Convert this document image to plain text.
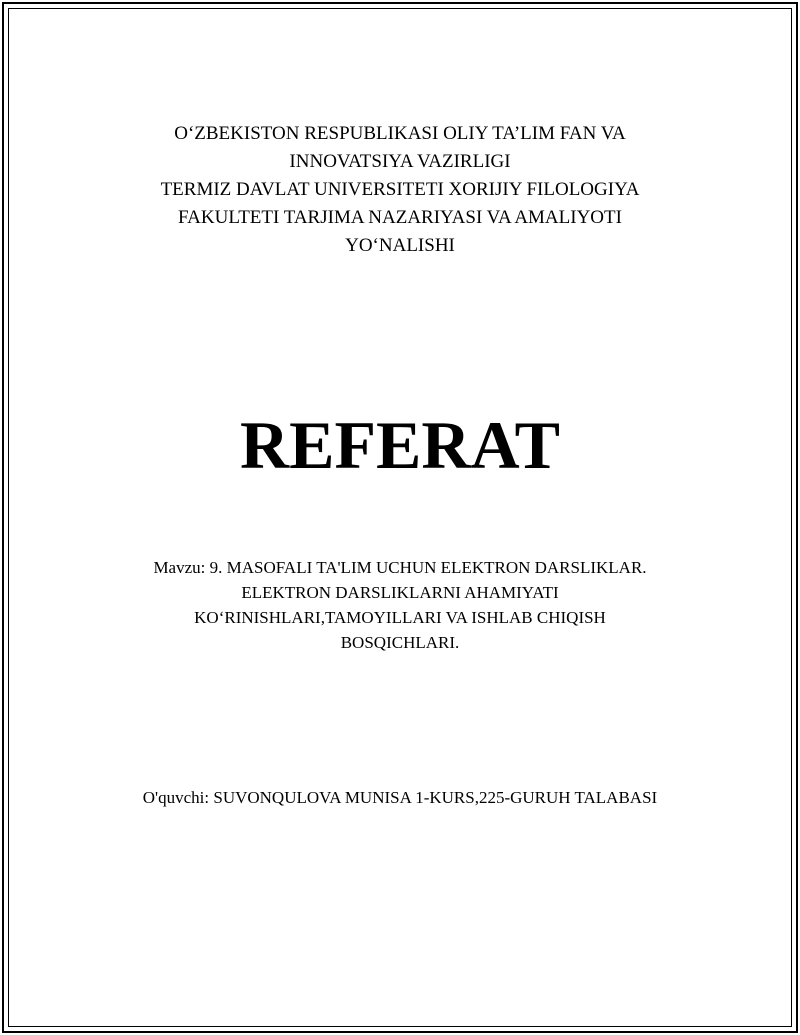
O‘ZBEKISTON RESPUBLIKASI OLIY TA’LIM FAN VA
INNOVATSIYA VAZIRLIGI
TERMIZ DAVLAT UNIVERSITETI XORIJIY FILOLOGIYA
FAKULTETI TARJIMA NAZARIYASI VA AMALIYOTI
YO‘NALISHI
REFERAT
Mavzu: 9. MASOFALI TA'LIM UCHUN ELEKTRON DARSLIKLAR.
ELEKTRON DARSLIKLARNI AHAMIYATI
KO‘RINISHLARI,TAMOYILLARI VA ISHLAB CHIQISH
BOSQICHLARI.
O'quvchi: SUVONQULOVA MUNISA 1-KURS,225-GURUH TALABASI
